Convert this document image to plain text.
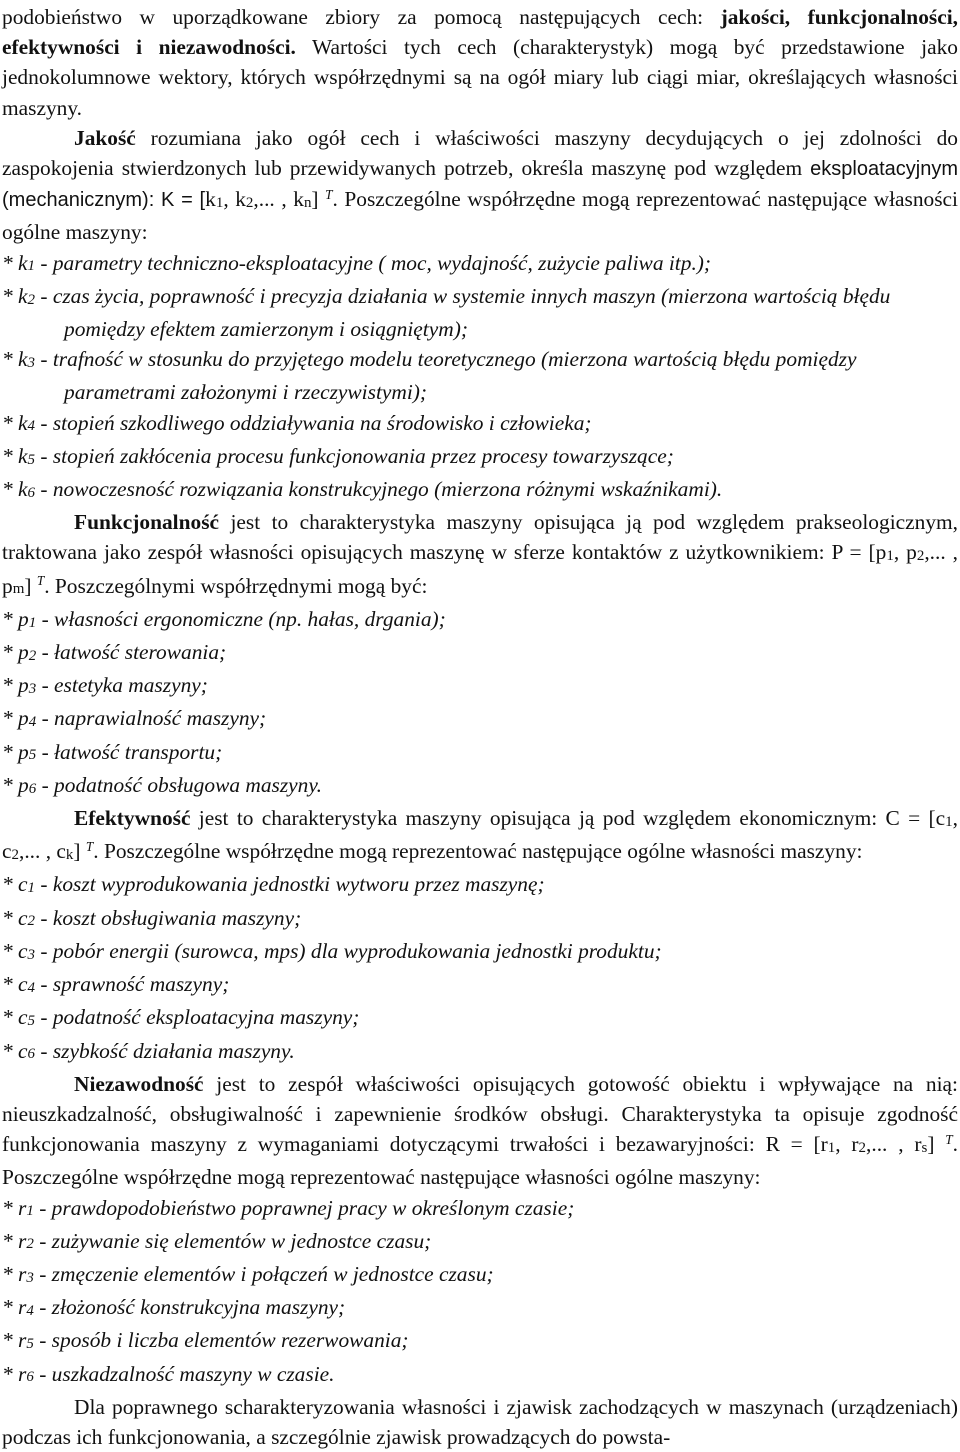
podobieństwo w uporządkowane zbiory za pomocą następujących cech: jakości, funkcjonalności, efektywności i niezawodności. Wartości tych cech (charakterystyk) mogą być przedstawione jako jednokolumnowe wektory, których współrzędnymi są na ogół miary lub ciągi miar, określających własności maszyny.

Jakość rozumiana jako ogół cech i właściwości maszyny decydujących o jej zdolności do zaspokojenia stwierdzonych lub przewidywanych potrzeb, określa maszynę pod względem eksploatacyjnym (mechanicznym): $K = [k_1$, $k_2$,... , $k_n$] $^T$. Poszczególne współrzędne mogą reprezentować następujące własności ogólne maszyny:

* $k_1$ - parametry techniczno-eksploatacyjne ( moc, wydajność, zużycie paliwa itp.);

* $k_2$ - czas życia, poprawność i precyzja działania w systemie innych maszyn (mierzona wartością błędu pomiędzy efektem zamierzonym i osiągniętym);

* $k_3$ - trafność w stosunku do przyjętego modelu teoretycznego (mierzona wartością błędu pomiędzy parametrami założonymi i rzeczywistymi);

* $k_4$ - stopień szkodliwego oddziaływania na środowisko i człowieka;

* $k_5$ - stopień zakłócenia procesu funkcjonowania przez procesy towarzyszące;

* $k_6$ - nowoczesność rozwiązania konstrukcyjnego (mierzona różnymi wskaźnikami).

Funkcjonalność jest to charakterystyka maszyny opisująca ją pod względem prakseologicznym, traktowana jako zespół własności opisujących maszynę w sferze kontaktów z użytkownikiem: $P = [p_1$, $p_2$,... , $p_m$] $^T$. Poszczególnymi współrzędnymi mogą być:

* $p_1$ - własności ergonomiczne (np. hałas, drgania);

* $p_2$ - łatwość sterowania;

* $p_3$ - estetyka maszyny;

* $p_4$ - naprawialność maszyny;

* $p_5$ - łatwość transportu;

* $p_6$ - podatność obsługowa maszyny.

Efektywność jest to charakterystyka maszyny opisująca ją pod względem ekonomicznym: $C = [c_1$, $c_2$,... , $c_k$] $^T$. Poszczególne współrzędne mogą reprezentować następujące ogólne własności maszyny:

* $c_1$ - koszt wyprodukowania jednostki wytworu przez maszynę;

* $c_2$ - koszt obsługiwania maszyny;

* $c_3$ - pobór energii (surowca, mps) dla wyprodukowania jednostki produktu;

* $c_4$ - sprawność maszyny;

* $c_5$ - podatność eksploatacyjna maszyny;

* $c_6$ - szybkość działania maszyny.

Niezawodność jest to zespół właściwości opisujących gotowość obiektu i wpływające na nią: nieuszkadzalność, obsługiwalność i zapewnienie środków obsługi. Charakterystyka ta opisuje zgodność funkcjonowania maszyny z wymaganiami dotyczącymi trwałości i bezawaryjności: $R = [r_1$, $r_2$,... , $r_s$] $^T$. Poszczególne współrzędne mogą reprezentować następujące własności ogólne maszyny:

* $r_1$ - prawdopodobieństwo poprawnej pracy w określonym czasie;

* $r_2$ - zużywanie się elementów w jednostce czasu;

* $r_3$ - zmęczenie elementów i połączeń w jednostce czasu;

* $r_4$ - złożoność konstrukcyjna maszyny;

* $r_5$ - sposób i liczba elementów rezerwowania;

* $r_6$ - uszkadzalność maszyny w czasie.

Dla poprawnego scharakteryzowania własności i zjawisk zachodzących w maszynach (urządzeniach) podczas ich funkcjonowania, a szczególnie zjawisk prowadzących do powsta-
